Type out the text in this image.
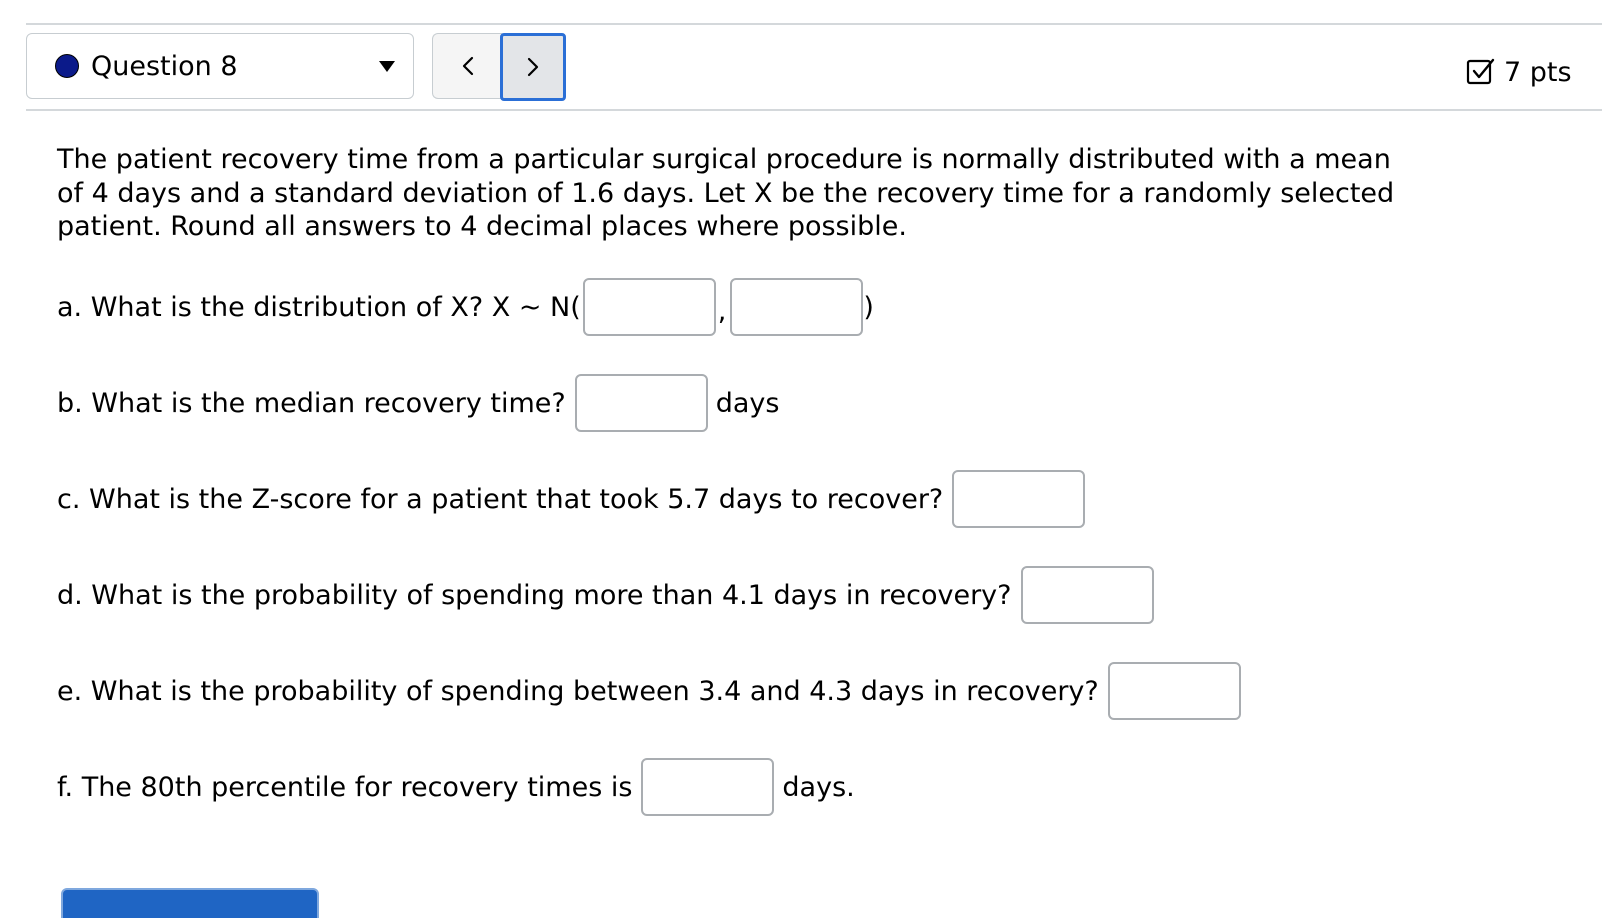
Question 8	7 pts
The patient recovery time from a particular surgical procedure is normally distributed with a mean of 4 days and a standard deviation of 1.6 days. Let X be the recovery time for a randomly selected patient. Round all answers to 4 decimal places where possible.
a. What is the distribution of X? X ~ N(	,	)
b. What is the median recovery time?	days
c. What is the Z-score for a patient that took 5.7 days to recover?
d. What is the probability of spending more than 4.1 days in recovery?
e. What is the probability of spending between 3.4 and 4.3 days in recovery?
f. The 80th percentile for recovery times is	days.
